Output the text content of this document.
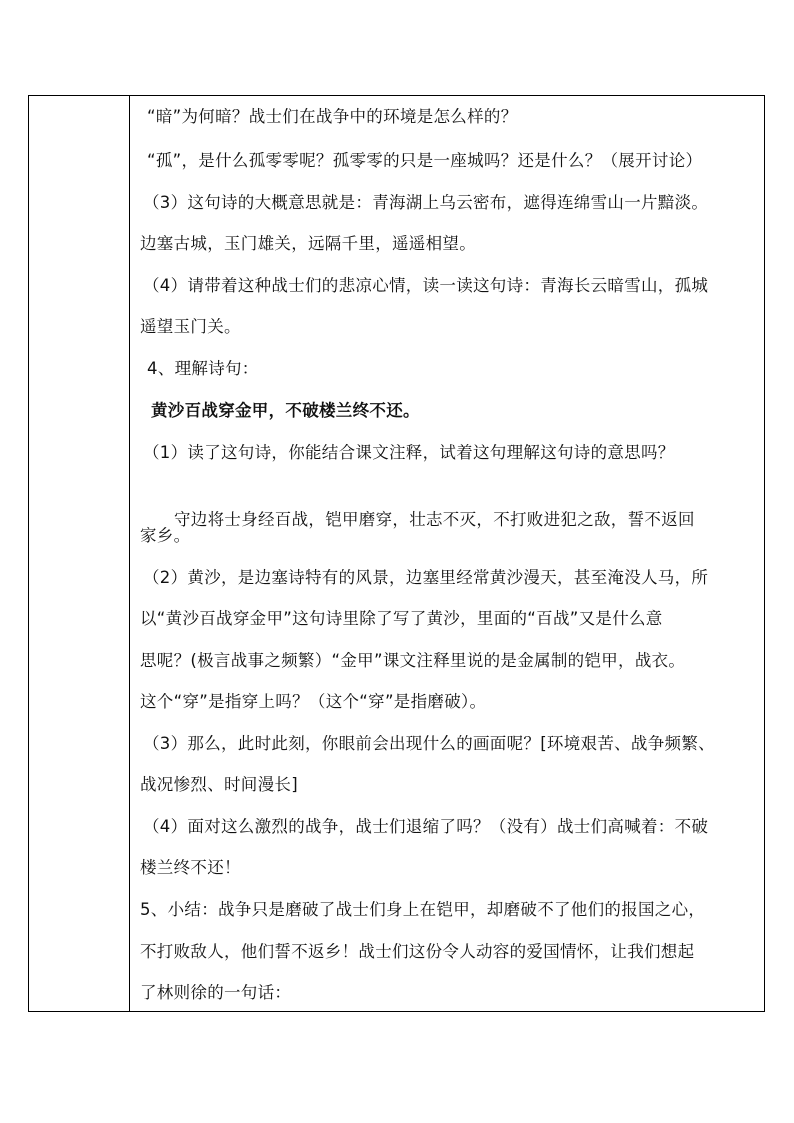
“暗”为何暗？战士们在战争中的环境是怎么样的？
“孤”，是什么孤零零呢？孤零零的只是一座城吗？还是什么？（展开讨论）
（3）这句诗的大概意思就是：青海湖上乌云密布，遮得连绵雪山一片黯淡。
边塞古城，玉门雄关，远隔千里，遥遥相望。
（4）请带着这种战士们的悲凉心情，读一读这句诗：青海长云暗雪山，孤城
遥望玉门关。
4、理解诗句：
黄沙百战穿金甲，不破楼兰终不还。
（1）读了这句诗，你能结合课文注释，试着这句理解这句诗的意思吗？
守边将士身经百战，铠甲磨穿，壮志不灭，不打败进犯之敌，誓不返回
家乡。
（2）黄沙，是边塞诗特有的风景，边塞里经常黄沙漫天，甚至淹没人马，所
以“黄沙百战穿金甲”这句诗里除了写了黄沙，里面的“百战”又是什么意
思呢？(极言战事之频繁）“金甲”课文注释里说的是金属制的铠甲，战衣。
这个“穿”是指穿上吗？（这个“穿”是指磨破）。
（3）那么，此时此刻，你眼前会出现什么的画面呢？[环境艰苦、战争频繁、
战况惨烈、时间漫长]
（4）面对这么激烈的战争，战士们退缩了吗？（没有）战士们高喊着：不破
楼兰终不还！
5、小结：战争只是磨破了战士们身上在铠甲，却磨破不了他们的报国之心，
不打败敌人，他们誓不返乡！战士们这份令人动容的爱国情怀，让我们想起
了林则徐的一句话：
